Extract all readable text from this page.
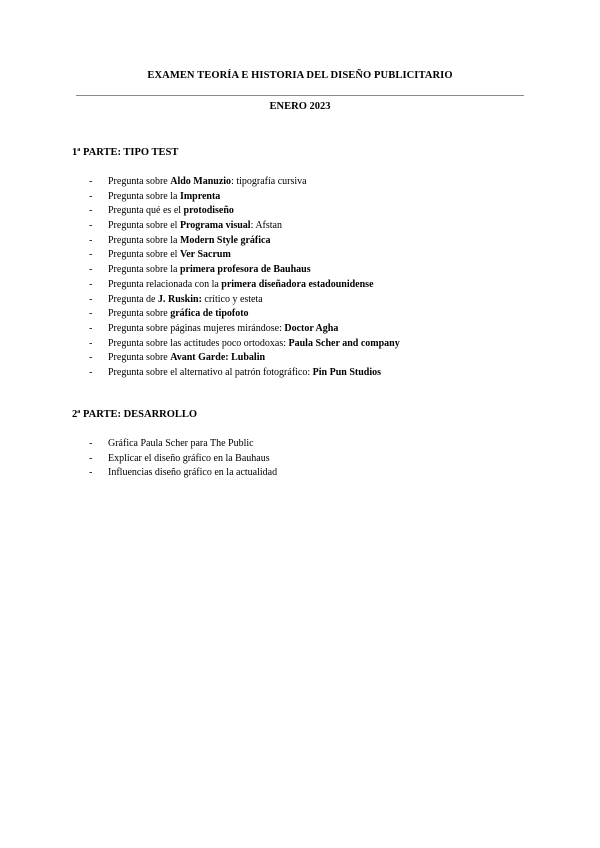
EXAMEN TEORÍA E HISTORIA DEL DISEÑO PUBLICITARIO
ENERO 2023
1ª PARTE: TIPO TEST
- Pregunta sobre Aldo Manuzio: tipografía cursiva
- Pregunta sobre la Imprenta
- Pregunta qué es el protodiseño
- Pregunta sobre el Programa visual: Afstan
- Pregunta sobre la Modern Style gráfica
- Pregunta sobre el Ver Sacrum
- Pregunta sobre la primera profesora de Bauhaus
- Pregunta relacionada con la primera diseñadora estadounidense
- Pregunta de J. Ruskin: crítico y esteta
- Pregunta sobre gráfica de tipofoto
- Pregunta sobre páginas mujeres mirándose: Doctor Agha
- Pregunta sobre las actitudes poco ortodoxas: Paula Scher and company
- Pregunta sobre Avant Garde: Lubalin
- Pregunta sobre el alternativo al patrón fotográfico: Pin Pun Studios
2ª PARTE: DESARROLLO
- Gráfica Paula Scher para The Public
- Explicar el diseño gráfico en la Bauhaus
- Influencias diseño gráfico en la actualidad
